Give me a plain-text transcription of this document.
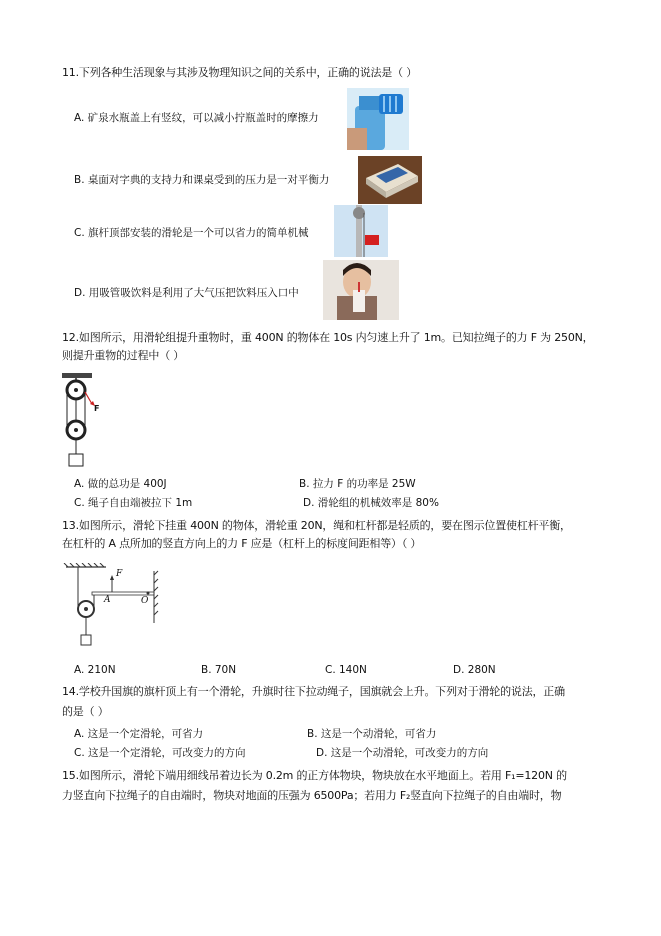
11.下列各种生活现象与其涉及物理知识之间的关系中，正确的说法是（ ）
A. 矿泉水瓶盖上有竖纹，可以减小拧瓶盖时的摩擦力
B. 桌面对字典的支持力和课桌受到的压力是一对平衡力
C. 旗杆顶部安装的滑轮是一个可以省力的简单机械
D. 用吸管吸饮料是利用了大气压把饮料压入口中
12.如图所示，用滑轮组提升重物时，重 400N 的物体在 10s 内匀速上升了 1m。已知拉绳子的力 F 为 250N，
则提升重物的过程中（ ）
F
A. 做的总功是 400J	B. 拉力 F 的功率是 25W
C. 绳子自由端被拉下 1m	D. 滑轮组的机械效率是 80%
13.如图所示，滑轮下挂重 400N 的物体，滑轮重 20N，绳和杠杆都是轻质的，要在图示位置使杠杆平衡，
在杠杆的 A 点所加的竖直方向上的力 F 应是（杠杆上的标度间距相等）（ ）
F
A	O
A. 210N	B. 70N	C. 140N	D. 280N
14.学校升国旗的旗杆顶上有一个滑轮，升旗时往下拉动绳子，国旗就会上升。下列对于滑轮的说法，正确
的是（ ）
A. 这是一个定滑轮，可省力	B. 这是一个动滑轮，可省力
C. 这是一个定滑轮，可改变力的方向	D. 这是一个动滑轮，可改变力的方向
15.如图所示，滑轮下端用细线吊着边长为 0.2m 的正方体物块，物块放在水平地面上。若用 F₁=120N 的
力竖直向下拉绳子的自由端时，物块对地面的压强为 6500Pa；若用力 F₂竖直向下拉绳子的自由端时，物
